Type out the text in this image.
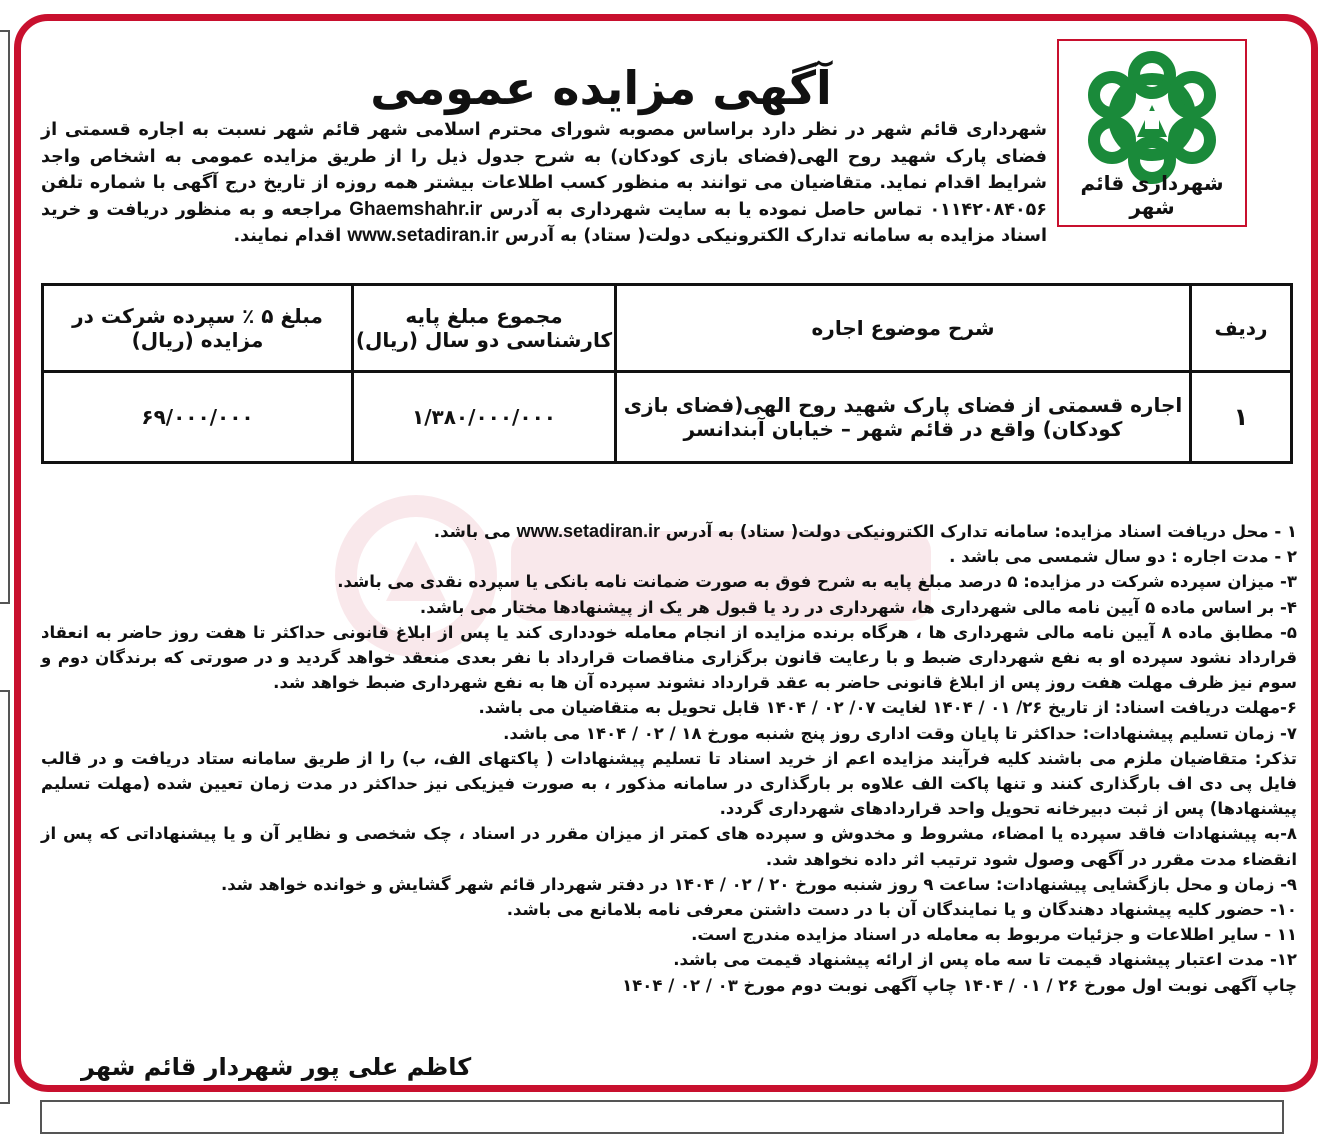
شهرداری قائم شهر
آگهی مزایده عمومی
شهرداری قائم شهر در نظر دارد براساس مصوبه شورای محترم اسلامی شهر قائم شهر نسبت به اجاره قسمتی از فضای پارک شهید روح الهی(فضای بازی کودکان) به شرح جدول ذیل را از طریق مزایده عمومی به اشخاص واجد شرایط اقدام نماید. متقاضیان می توانند به منظور کسب اطلاعات بیشتر همه روزه از تاریخ درج آگهی با شماره تلفن ۰۱۱۴۲۰۸۴۰۵۶ تماس حاصل نموده یا به سایت شهرداری به آدرس Ghaemshahr.ir مراجعه و به منظور دریافت و خرید اسناد مزایده به سامانه تدارک الکترونیکی دولت( ستاد) به آدرس www.setadiran.ir اقدام نمایند.
ردیف	شرح موضوع اجاره	مجموع مبلغ پایه کارشناسی دو سال (ریال)	مبلغ ۵ ٪ سپرده شرکت در مزایده (ریال)
۱	اجاره قسمتی از فضای پارک شهید روح الهی(فضای بازی کودکان) واقع در قائم شهر – خیابان آبندانسر	۱/۳۸۰/۰۰۰/۰۰۰	۶۹/۰۰۰/۰۰۰

۱ - محل دریافت اسناد مزایده: سامانه تدارک الکترونیکی دولت( ستاد) به آدرس www.setadiran.ir می باشد.

۲ - مدت اجاره : دو سال شمسی می باشد .

۳- میزان سپرده شرکت در مزایده: ۵ درصد مبلغ پایه به شرح فوق به صورت ضمانت نامه بانکی یا سپرده نقدی می باشد.

۴- بر اساس ماده ۵ آیین نامه مالی شهرداری ها، شهرداری در رد یا قبول هر یک از پیشنهادها مختار می باشد.

۵- مطابق ماده ۸ آیین نامه مالی شهرداری ها ، هرگاه برنده مزایده از انجام معامله خودداری کند یا پس از ابلاغ قانونی حداکثر تا هفت روز حاضر به انعقاد قرارداد نشود سپرده او به نفع شهرداری ضبط و با رعایت قانون برگزاری مناقصات قرارداد با نفر بعدی منعقد خواهد گردید و در صورتی که برندگان دوم و سوم نیز ظرف مهلت هفت روز پس از ابلاغ قانونی حاضر به عقد قرارداد نشوند سپرده آن ها به نفع شهرداری ضبط خواهد شد.

۶-مهلت دریافت اسناد: از تاریخ ۲۶/ ۰۱ / ۱۴۰۴ لغایت ۰۷/ ۰۲ / ۱۴۰۴ قابل تحویل به متقاضیان می باشد.

۷- زمان تسلیم پیشنهادات: حداکثر تا پایان وقت اداری روز پنج شنبه مورخ ۱۸ / ۰۲ / ۱۴۰۴ می باشد.

تذکر: متقاضیان ملزم می باشند کلیه فرآیند مزایده اعم از خرید اسناد تا تسلیم پیشنهادات ( پاکتهای الف، ب) را از طریق سامانه ستاد دریافت و در قالب فایل پی دی اف بارگذاری کنند و تنها پاکت الف علاوه بر بارگذاری در سامانه مذکور ، به صورت فیزیکی نیز حداکثر در مدت زمان تعیین شده (مهلت تسلیم پیشنهادها) پس از ثبت دبیرخانه تحویل واحد قراردادهای شهرداری گردد.

۸-به پیشنهادات فاقد سپرده یا امضاء، مشروط و مخدوش و سپرده های کمتر از میزان مقرر در اسناد ، چک شخصی و نظایر آن و یا پیشنهاداتی که پس از انقضاء مدت مقرر در آگهی وصول شود ترتیب اثر داده نخواهد شد.

۹- زمان و محل بازگشایی پیشنهادات: ساعت ۹ روز شنبه مورخ ۲۰ / ۰۲ / ۱۴۰۴ در دفتر شهردار قائم شهر گشایش و خوانده خواهد شد.

۱۰- حضور کلیه پیشنهاد دهندگان و یا نمایندگان آن با در دست داشتن معرفی نامه بلامانع می باشد.

۱۱ - سایر اطلاعات و جزئیات مربوط به معامله در اسناد مزایده مندرج است.

۱۲- مدت اعتبار پیشنهاد قیمت تا سه ماه پس از ارائه پیشنهاد قیمت می باشد.

چاپ آگهی نوبت اول مورخ ۲۶ / ۰۱ / ۱۴۰۴ چاپ آگهی نوبت دوم مورخ ۰۳ / ۰۲ / ۱۴۰۴

کاظم علی پور شهردار قائم شهر
